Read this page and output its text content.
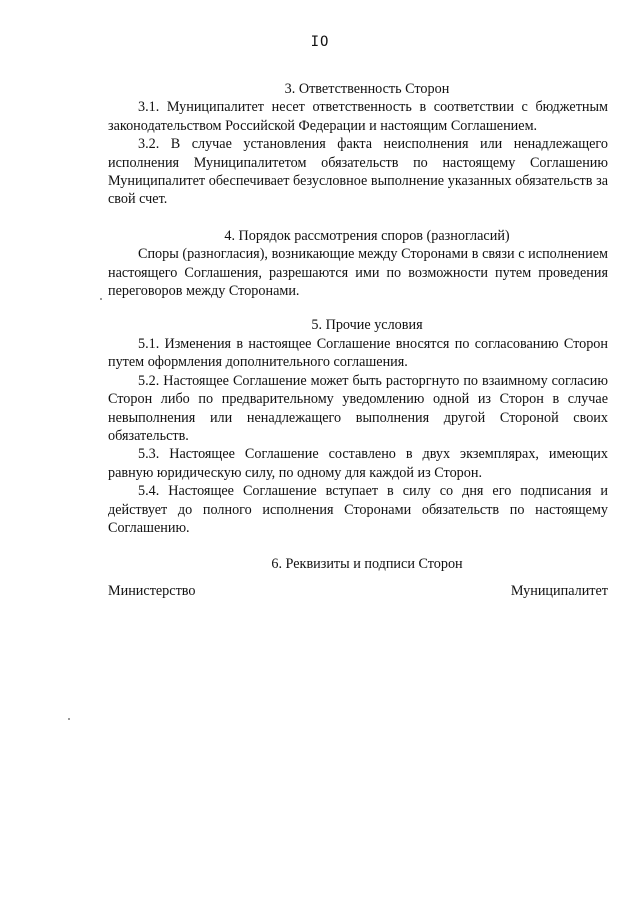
IO

3. Ответственность Сторон

3.1. Муниципалитет несет ответственность в соответствии с бюджетным законодательством Российской Федерации и настоящим Соглашением.

3.2. В случае установления факта неисполнения или ненадлежащего исполнения Муниципалитетом обязательств по настоящему Соглашению Муниципалитет обеспечивает безусловное выполнение указанных обязательств за свой счет.

4. Порядок рассмотрения споров (разногласий)

Споры (разногласия), возникающие между Сторонами в связи с исполнением настоящего Соглашения, разрешаются ими по возможности путем проведения переговоров между Сторонами.

5. Прочие условия

5.1. Изменения в настоящее Соглашение вносятся по согласованию Сторон путем оформления дополнительного соглашения.

5.2. Настоящее Соглашение может быть расторгнуто по взаимному согласию Сторон либо по предварительному уведомлению одной из Сторон в случае невыполнения или ненадлежащего выполнения другой Стороной своих обязательств.

5.3. Настоящее Соглашение составлено в двух экземплярах, имеющих равную юридическую силу, по одному для каждой из Сторон.

5.4. Настоящее Соглашение вступает в силу со дня его подписания и действует до полного исполнения Сторонами обязательств по настоящему Соглашению.

6. Реквизиты и подписи Сторон

Министерство	Муниципалитет
